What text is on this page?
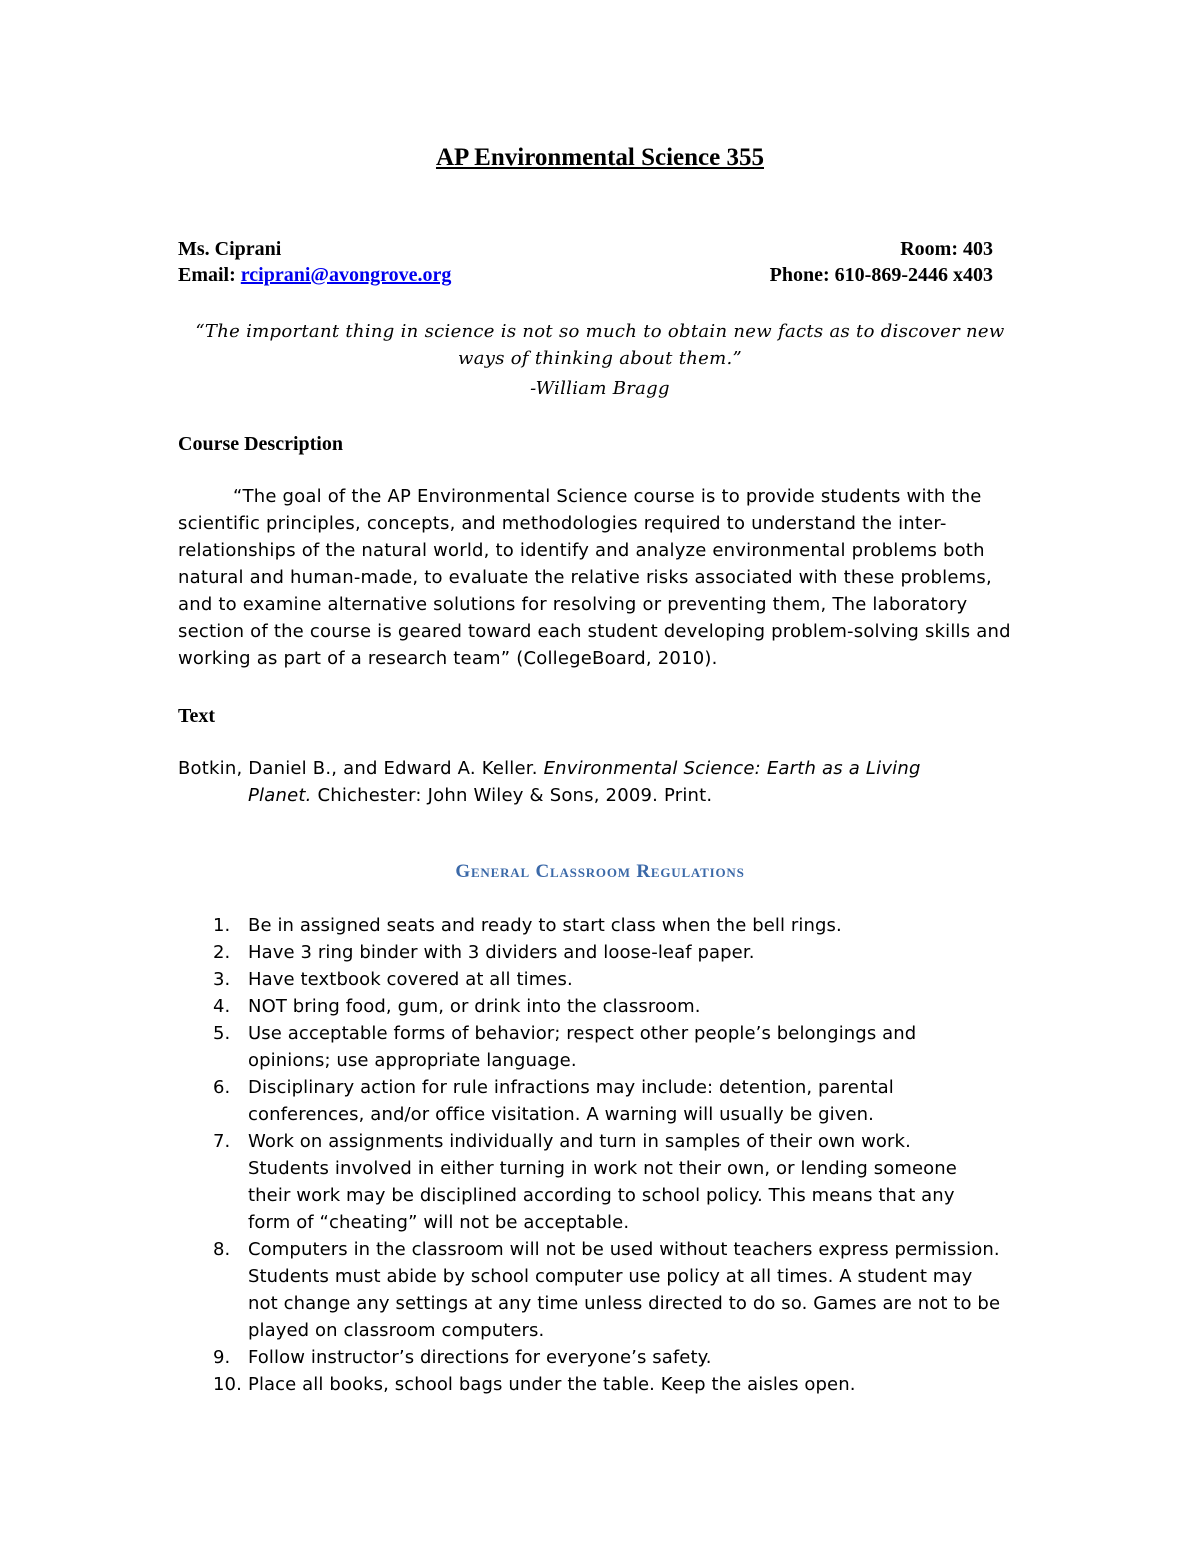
AP Environmental Science 355
Ms. Ciprani	Room: 403
Email: rciprani@avongrove.org	Phone: 610-869-2446 x403
“The important thing in science is not so much to obtain new facts as to discover new
ways of thinking about them.”
-William Bragg
Course Description
“The goal of the AP Environmental Science course is to provide students with the
scientific principles, concepts, and methodologies required to understand the inter-
relationships of the natural world, to identify and analyze environmental problems both
natural and human-made, to evaluate the relative risks associated with these problems,
and to examine alternative solutions for resolving or preventing them, The laboratory
section of the course is geared toward each student developing problem-solving skills and
working as part of a research team” (CollegeBoard, 2010).
Text
Botkin, Daniel B., and Edward A. Keller. Environmental Science: Earth as a Living
Planet. Chichester: John Wiley & Sons, 2009. Print.
General Classroom Regulations
1. Be in assigned seats and ready to start class when the bell rings.
2. Have 3 ring binder with 3 dividers and loose-leaf paper.
3. Have textbook covered at all times.
4. NOT bring food, gum, or drink into the classroom.
5. Use acceptable forms of behavior; respect other people’s belongings and
opinions; use appropriate language.
6. Disciplinary action for rule infractions may include: detention, parental
conferences, and/or office visitation. A warning will usually be given.
7. Work on assignments individually and turn in samples of their own work.
Students involved in either turning in work not their own, or lending someone
their work may be disciplined according to school policy. This means that any
form of “cheating” will not be acceptable.
8. Computers in the classroom will not be used without teachers express permission.
Students must abide by school computer use policy at all times. A student may
not change any settings at any time unless directed to do so. Games are not to be
played on classroom computers.
9. Follow instructor’s directions for everyone’s safety.
10. Place all books, school bags under the table. Keep the aisles open.
